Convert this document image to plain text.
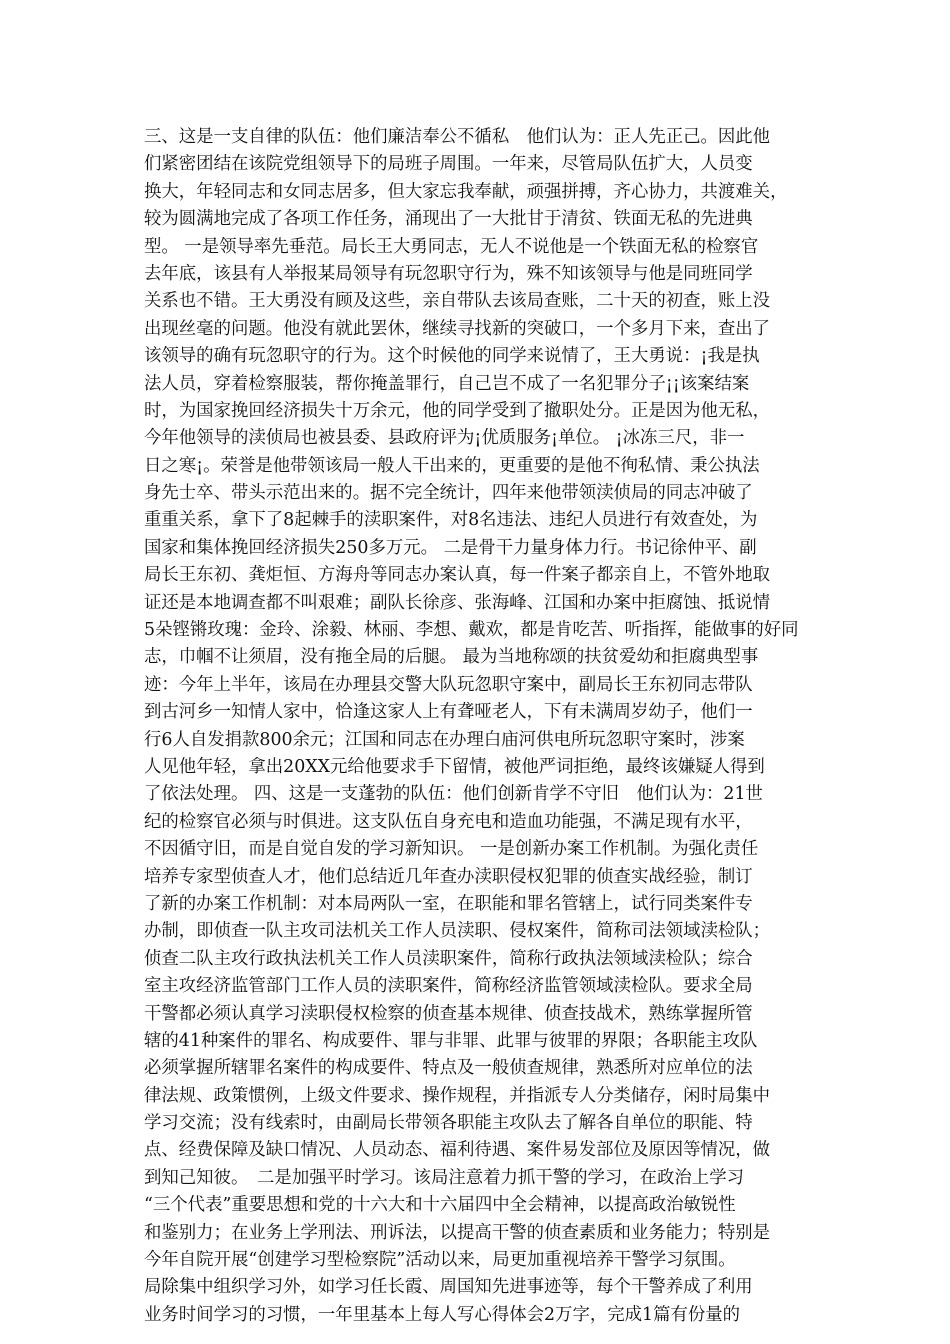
三、这是一支自律的队伍：他们廉洁奉公不循私　他们认为：正人先正己。因此他
们紧密团结在该院党组领导下的局班子周围。一年来，尽管局队伍扩大，人员变
换大，年轻同志和女同志居多，但大家忘我奉献，顽强拼搏，齐心协力，共渡难关，
较为圆满地完成了各项工作任务，涌现出了一大批甘于清贫、铁面无私的先进典
型。 一是领导率先垂范。局长王大勇同志，无人不说他是一个铁面无私的检察官
去年底，该县有人举报某局领导有玩忽职守行为，殊不知该领导与他是同班同学
关系也不错。王大勇没有顾及这些，亲自带队去该局查账，二十天的初查，账上没
出现丝毫的问题。他没有就此罢休，继续寻找新的突破口，一个多月下来，查出了
该领导的确有玩忽职守的行为。这个时候他的同学来说情了，王大勇说：¡我是执
法人员，穿着检察服装，帮你掩盖罪行，自己岂不成了一名犯罪分子¡¡该案结案
时，为国家挽回经济损失十万余元，他的同学受到了撤职处分。正是因为他无私，
今年他领导的渎侦局也被县委、县政府评为¡优质服务¡单位。 ¡冰冻三尺，非一
日之寒¡。荣誉是他带领该局一般人干出来的，更重要的是他不徇私情、秉公执法
身先士卒、带头示范出来的。据不完全统计，四年来他带领渎侦局的同志冲破了
重重关系，拿下了8起棘手的渎职案件，对8名违法、违纪人员进行有效查处，为
国家和集体挽回经济损失250多万元。 二是骨干力量身体力行。书记徐仲平、副
局长王东初、龚炬恒、方海舟等同志办案认真，每一件案子都亲自上，不管外地取
证还是本地调查都不叫艰难；副队长徐彦、张海峰、江国和办案中拒腐蚀、抵说情
5朵铿锵玫瑰：金玲、涂毅、林丽、李想、戴欢，都是肯吃苦、听指挥，能做事的好同
志，巾帼不让须眉，没有拖全局的后腿。 最为当地称颂的扶贫爱幼和拒腐典型事
迹：今年上半年，该局在办理县交警大队玩忽职守案中，副局长王东初同志带队
到古河乡一知情人家中，恰逢这家人上有聋哑老人，下有未满周岁幼子，他们一
行6人自发捐款800余元；江国和同志在办理白庙河供电所玩忽职守案时，涉案
人见他年轻，拿出20XX元给他要求手下留情，被他严词拒绝，最终该嫌疑人得到
了依法处理。 四、这是一支蓬勃的队伍：他们创新肯学不守旧　他们认为：21世
纪的检察官必须与时俱进。这支队伍自身充电和造血功能强，不满足现有水平，
不因循守旧，而是自觉自发的学习新知识。 一是创新办案工作机制。为强化责任
培养专家型侦查人才，他们总结近几年查办渎职侵权犯罪的侦查实战经验，制订
了新的办案工作机制：对本局两队一室，在职能和罪名管辖上，试行同类案件专
办制，即侦查一队主攻司法机关工作人员渎职、侵权案件，简称司法领域渎检队；
侦查二队主攻行政执法机关工作人员渎职案件，简称行政执法领域渎检队；综合
室主攻经济监管部门工作人员的渎职案件，简称经济监管领域渎检队。要求全局
干警都必须认真学习渎职侵权检察的侦查基本规律、侦查技战术，熟练掌握所管
辖的41种案件的罪名、构成要件、罪与非罪、此罪与彼罪的界限；各职能主攻队
必须掌握所辖罪名案件的构成要件、特点及一般侦查规律，熟悉所对应单位的法
律法规、政策惯例，上级文件要求、操作规程，并指派专人分类储存，闲时局集中
学习交流；没有线索时，由副局长带领各职能主攻队去了解各自单位的职能、特
点、经费保障及缺口情况、人员动态、福利待遇、案件易发部位及原因等情况，做
到知己知彼。　二是加强平时学习。该局注意着力抓干警的学习，在政治上学习
“三个代表”重要思想和党的十六大和十六届四中全会精神，以提高政治敏锐性
和鉴别力；在业务上学刑法、刑诉法，以提高干警的侦查素质和业务能力；特别是
今年自院开展“创建学习型检察院”活动以来，局更加重视培养干警学习氛围。
局除集中组织学习外，如学习任长霞、周国知先进事迹等，每个干警养成了利用
业务时间学习的习惯，一年里基本上每人写心得体会2万字，完成1篇有份量的
